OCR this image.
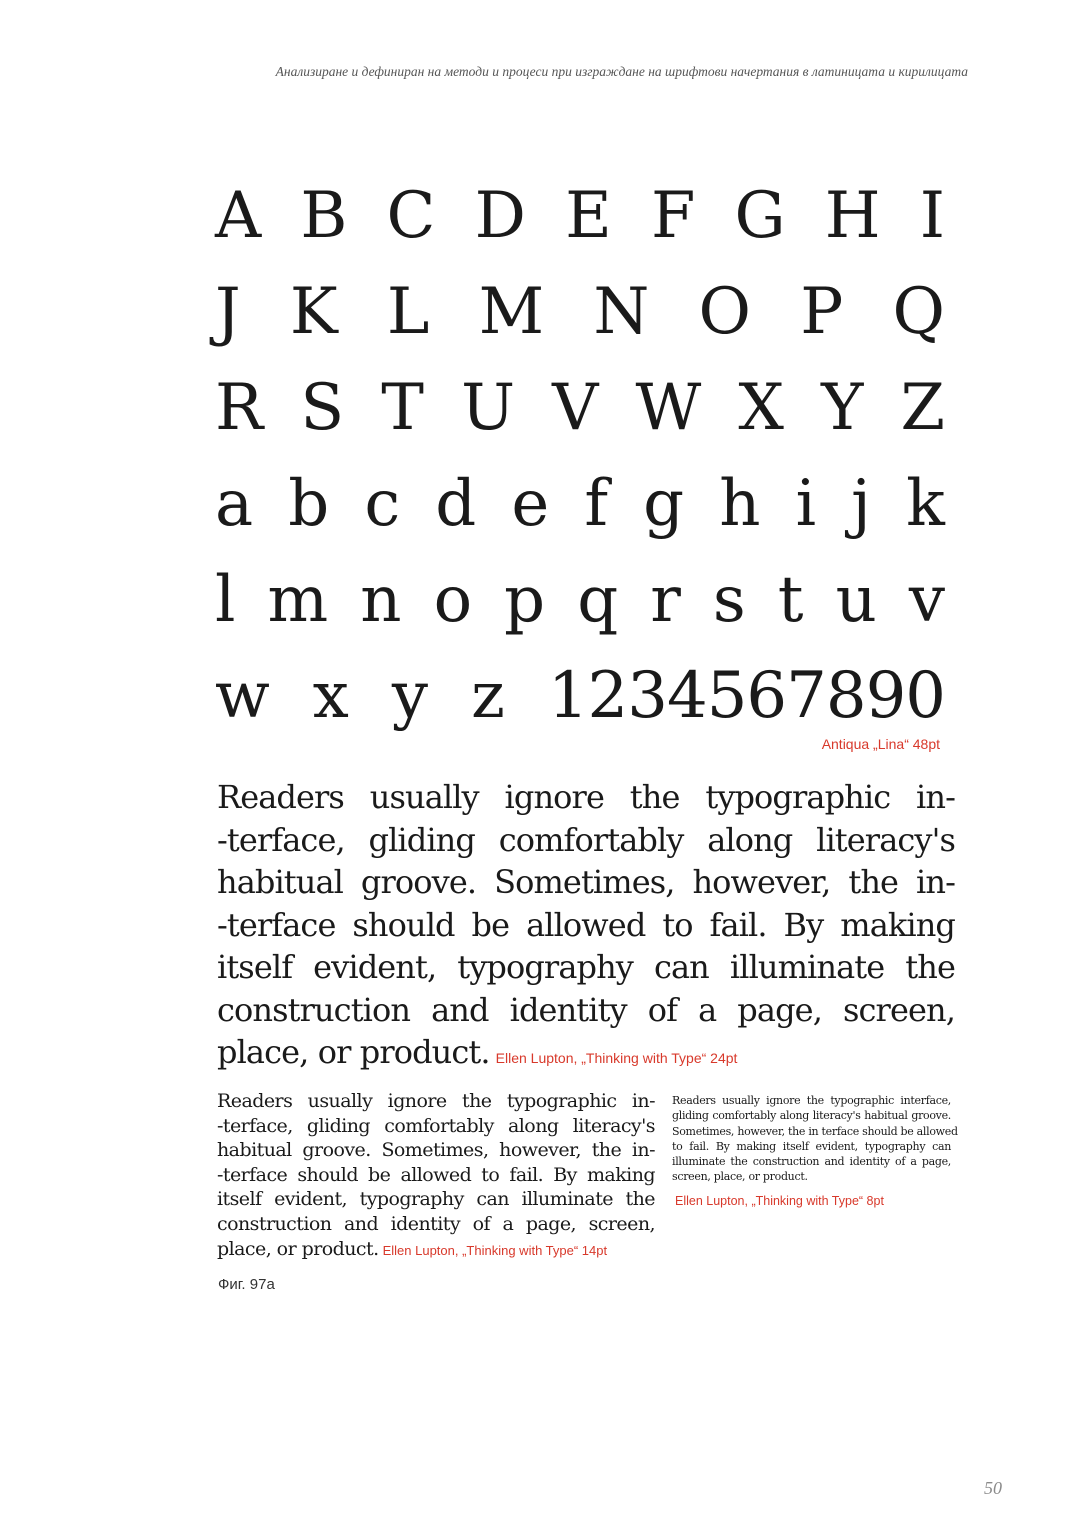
Анализиране и дефиниран на методи и процеси при изграждане на шрифтови начертания в латиницата и кирилицата
A B C D E F G H I
J K L M N O P Q
R S T U V W X Y Z
a b c d e f g h i j k
l m n o p q r s t u v
w x y z 1234567890
Antiqua „Lina“ 48pt
Readers usually ignore the typographic in-
-terface, gliding comfortably along literacy's
habitual groove. Sometimes, however, the in-
-terface should be allowed to fail. By making
itself evident, typography can illuminate the
construction and identity of a page, screen,
place, or product. Ellen Lupton, „Thinking with Type“ 24pt
Readers usually ignore the typographic in-
-terface, gliding comfortably along literacy's
habitual groove. Sometimes, however, the in-
-terface should be allowed to fail. By making
itself evident, typography can illuminate the
construction and identity of a page, screen,
place, or product. Ellen Lupton, „Thinking with Type“ 14pt
Readers usually ignore the typographic interface,
gliding comfortably along literacy's habitual groove.
Sometimes, however, the in terface should be allowed
to fail. By making itself evident, typography can
illuminate the construction and identity of a page,
screen, place, or product.
Ellen Lupton, „Thinking with Type“ 8pt
Фиг. 97a
50
